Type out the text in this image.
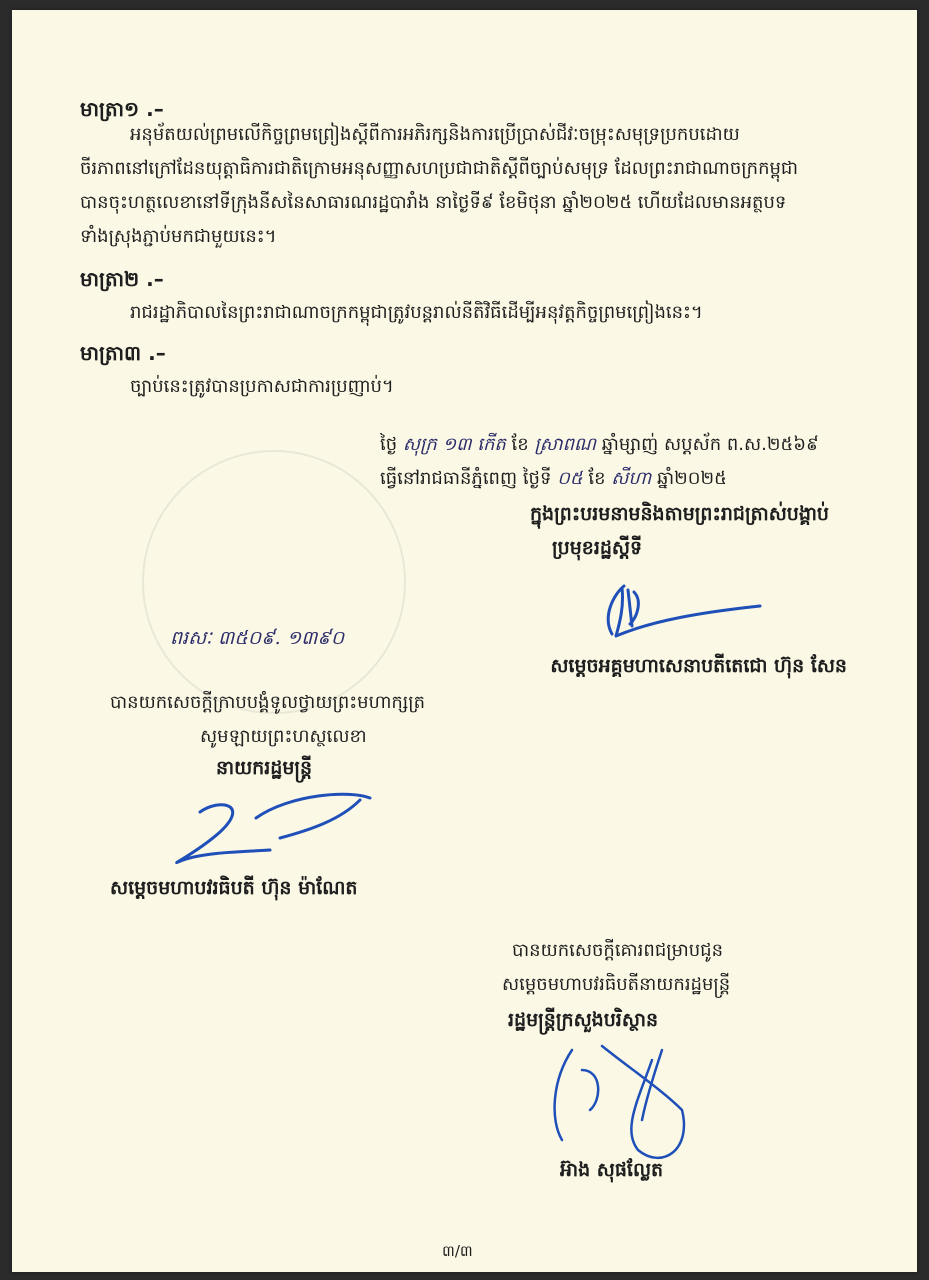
មាត្រា១ .–
អនុម័តយល់ព្រមលើកិច្ចព្រមព្រៀងស្ដីពីការអភិរក្សនិងការប្រើប្រាស់ជីវៈចម្រុះសមុទ្រប្រកបដោយ
ចីរភាពនៅក្រៅដែនយុត្តាធិការជាតិក្រោមអនុសញ្ញាសហប្រជាជាតិស្ដីពីច្បាប់សមុទ្រ ដែលព្រះរាជាណាចក្រកម្ពុជា
បានចុះហត្ថលេខានៅទីក្រុងនីសនៃសាធារណរដ្ឋបារាំង នាថ្ងៃទី៩ ខែមិថុនា ឆ្នាំ២០២៥ ហើយដែលមានអត្ថបទ
ទាំងស្រុងភ្ជាប់មកជាមួយនេះ។
មាត្រា២ .–
រាជរដ្ឋាភិបាលនៃព្រះរាជាណាចក្រកម្ពុជាត្រូវបន្តរាល់នីតិវិធីដើម្បីអនុវត្តកិច្ចព្រមព្រៀងនេះ។
មាត្រា៣ .–
ច្បាប់នេះត្រូវបានប្រកាសជាការប្រញាប់។
ថ្ងៃ សុក្រ ១៣ កើត ខែ ស្រាពណ ឆ្នាំម្សាញ់ សប្តស័ក ព.ស.២៥៦៩
ធ្វើនៅរាជធានីភ្នំពេញ ថ្ងៃទី ០៥ ខែ សីហា ឆ្នាំ២០២៥
ក្នុងព្រះបរមនាមនិងតាមព្រះរាជត្រាស់បង្គាប់
ប្រមុខរដ្ឋស្ដីទី
ពរសៈ ៣៥០៩. ១៣៩០
សម្ដេចអគ្គមហាសេនាបតីតេជោ ហ៊ុន សែន
បានយកសេចក្ដីក្រាបបង្គំទូលថ្វាយព្រះមហាក្សត្រ
សូមឡាយព្រះហស្ថលេខា
នាយករដ្ឋមន្ត្រី
សម្ដេចមហាបវរធិបតី ហ៊ុន ម៉ាណែត
បានយកសេចក្ដីគោរពជម្រាបជូន
សម្ដេចមហាបវរធិបតីនាយករដ្ឋមន្ត្រី
រដ្ឋមន្ត្រីក្រសួងបរិស្ថាន
អ៊ាង សុផល្លែត
៣/៣
